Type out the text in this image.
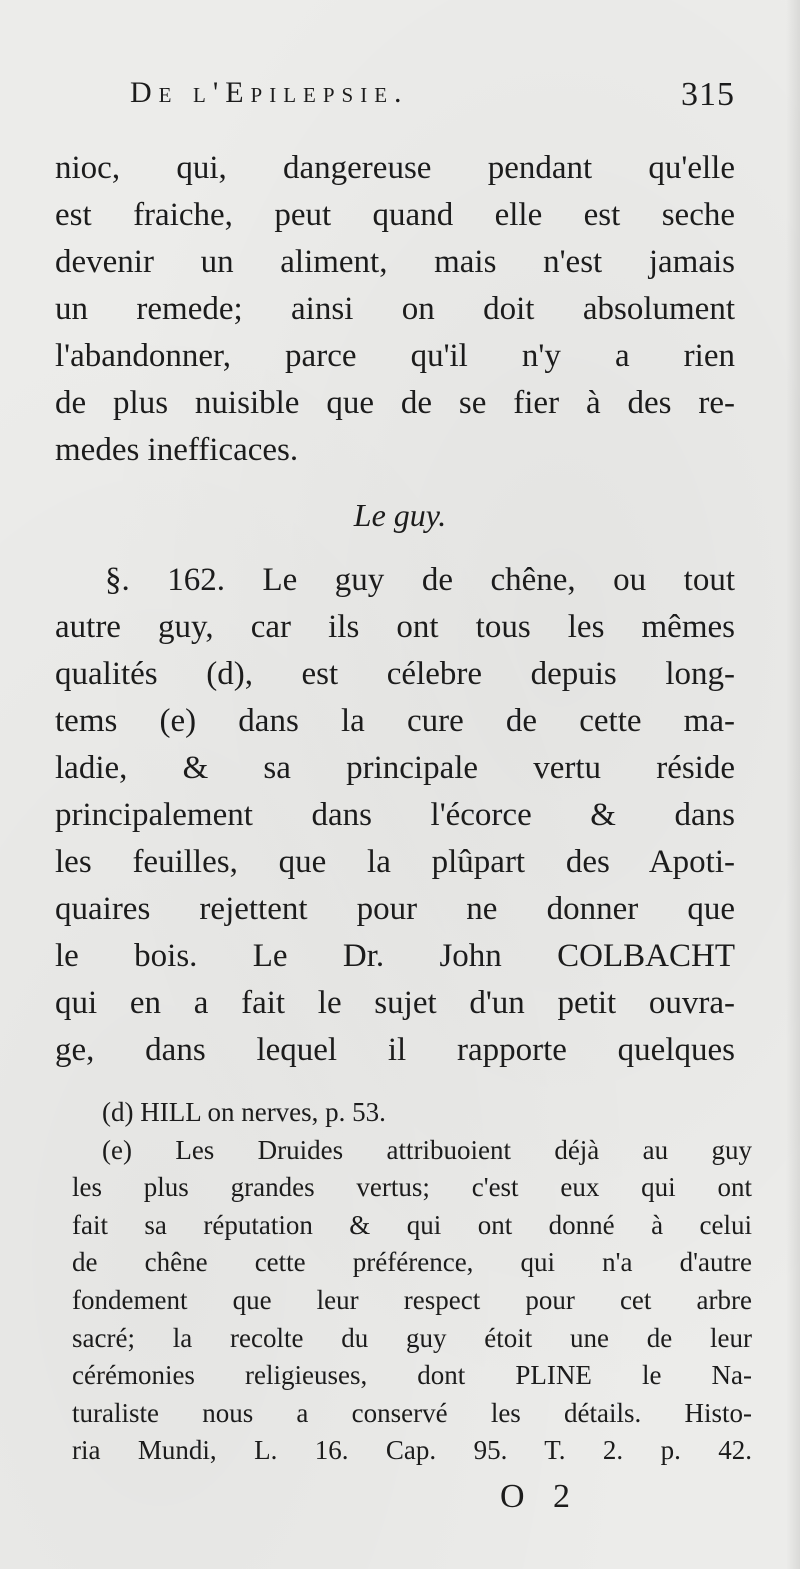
De l'Epilepsie.	315
nioc, qui, dangereuse pendant qu'elle
est fraiche, peut quand elle est seche
devenir un aliment, mais n'est jamais
un remede; ainsi on doit absolument
l'abandonner, parce qu'il n'y a rien
de plus nuisible que de se fier à des re-
medes inefficaces.
Le guy.
§. 162. Le guy de chêne, ou tout
autre guy, car ils ont tous les mêmes
qualités (d), est célebre depuis long-
tems (e) dans la cure de cette ma-
ladie, & sa principale vertu réside
principalement dans l'écorce & dans
les feuilles, que la plûpart des Apoti-
quaires rejettent pour ne donner que
le bois. Le Dr. John COLBACHT
qui en a fait le sujet d'un petit ouvra-
ge, dans lequel il rapporte quelques
(d) HILL on nerves, p. 53.
(e) Les Druides attribuoient déjà au guy
les plus grandes vertus; c'est eux qui ont
fait sa réputation & qui ont donné à celui
de chêne cette préférence, qui n'a d'autre
fondement que leur respect pour cet arbre
sacré; la recolte du guy étoit une de leur
cérémonies religieuses, dont PLINE le Na-
turaliste nous a conservé les détails. Histo-
ria Mundi, L. 16. Cap. 95. T. 2. p. 42.
O 2
